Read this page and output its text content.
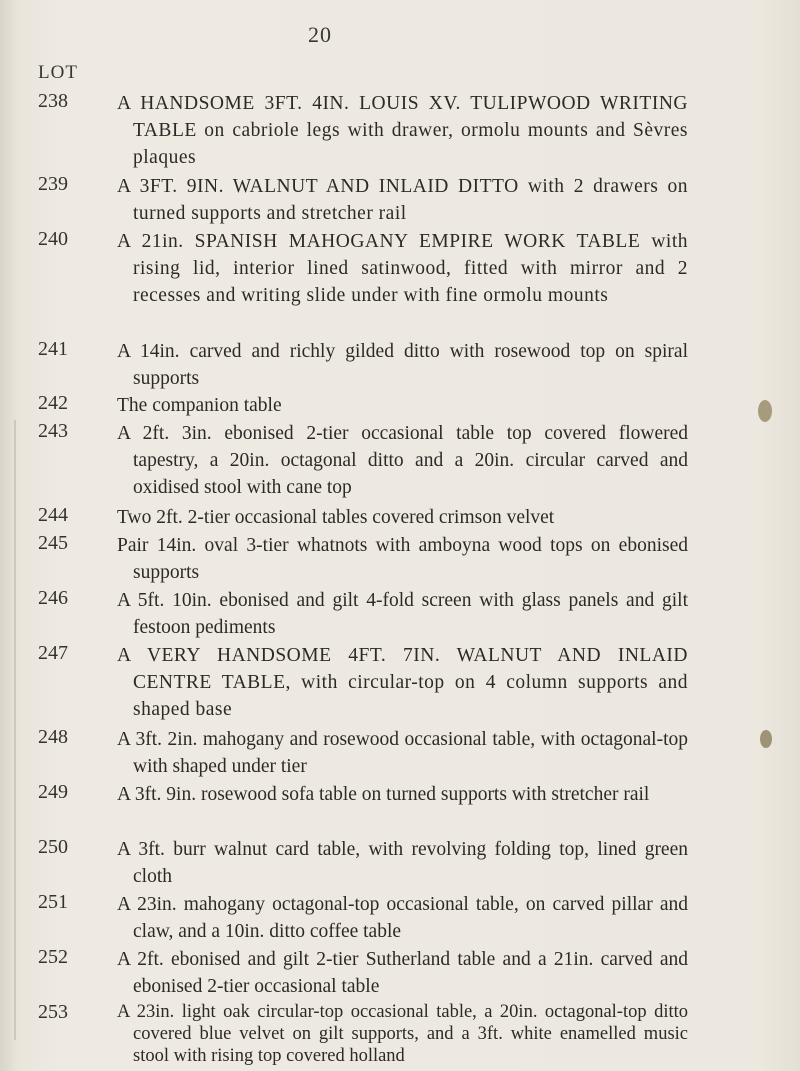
20
LOT
238	A HANDSOME 3FT. 4IN. LOUIS XV. TULIPWOOD WRITING TABLE on cabriole legs with drawer, ormolu mounts and Sèvres plaques
239	A 3FT. 9IN. WALNUT AND INLAID DITTO with 2 drawers on turned supports and stretcher rail
240	A 21in. SPANISH MAHOGANY EMPIRE WORK TABLE with rising lid, interior lined satinwood, fitted with mirror and 2 recesses and writing slide under with fine ormolu mounts
241	A 14in. carved and richly gilded ditto with rosewood top on spiral supports
242	The companion table
243	A 2ft. 3in. ebonised 2-tier occasional table top covered flowered tapestry, a 20in. octagonal ditto and a 20in. circular carved and oxidised stool with cane top
244	Two 2ft. 2-tier occasional tables covered crimson velvet
245	Pair 14in. oval 3-tier whatnots with amboyna wood tops on ebonised supports
246	A 5ft. 10in. ebonised and gilt 4-fold screen with glass panels and gilt festoon pediments
247	A VERY HANDSOME 4FT. 7IN. WALNUT AND INLAID CENTRE TABLE, with circular-top on 4 column supports and shaped base
248	A 3ft. 2in. mahogany and rosewood occasional table, with octagonal-top with shaped under tier
249	A 3ft. 9in. rosewood sofa table on turned supports with stretcher rail
250	A 3ft. burr walnut card table, with revolving folding top, lined green cloth
251	A 23in. mahogany octagonal-top occasional table, on carved pillar and claw, and a 10in. ditto coffee table
252	A 2ft. ebonised and gilt 2-tier Sutherland table and a 21in. carved and ebonised 2-tier occasional table
253	A 23in. light oak circular-top occasional table, a 20in. octagonal-top ditto covered blue velvet on gilt supports, and a 3ft. white enamelled music stool with rising top covered holland
